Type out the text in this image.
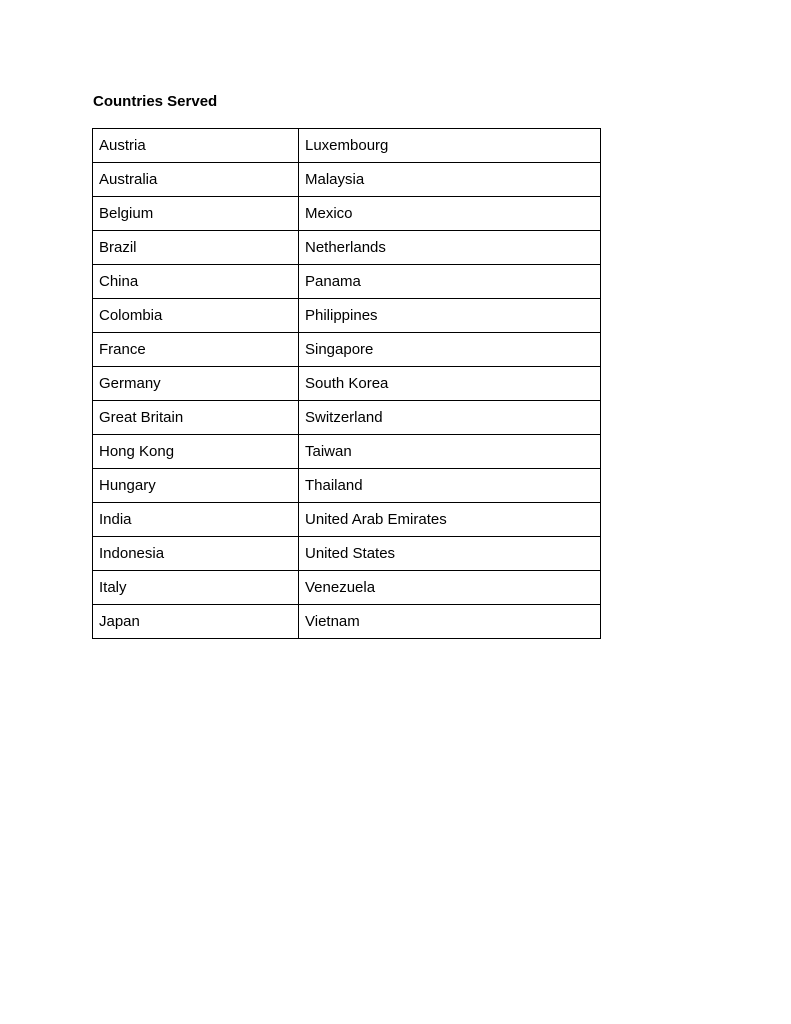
Countries Served
Austria	Luxembourg
Australia	Malaysia
Belgium	Mexico
Brazil	Netherlands
China	Panama
Colombia	Philippines
France	Singapore
Germany	South Korea
Great Britain	Switzerland
Hong Kong	Taiwan
Hungary	Thailand
India	United Arab Emirates
Indonesia	United States
Italy	Venezuela
Japan	Vietnam
